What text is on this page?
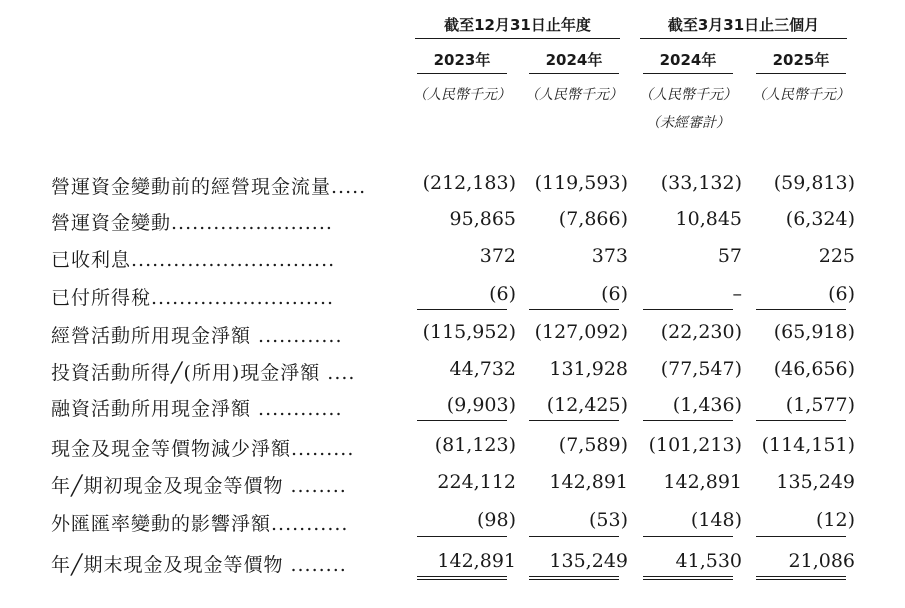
截至12月31日止年度	截至3月31日止三個月
2023年	2024年	2024年	2025年
（人民幣千元）	（人民幣千元）	（人民幣千元）	（人民幣千元）
（未經審計）
營運資金變動前的經營現金流量.....	(212,183) (119,593)	(33,132)	(59,813)
營運資金變動.......................	95,865	(7,866)	10,845	(6,324)
已收利息.............................	372	373	57	225
已付所得稅..........................	(6)	(6)	–	(6)
經營活動所用現金淨額 ............	(115,952) (127,092)	(22,230)	(65,918)
投資活動所得╱(所用)現金淨額 ....	44,732	131,928	(77,547)	(46,656)
融資活動所用現金淨額 ............	(9,903)	(12,425)	(1,436)	(1,577)
現金及現金等價物減少淨額.........	(81,123)	(7,589)	(101,213)	(114,151)
年╱期初現金及現金等價物 ........	224,112	142,891	142,891	135,249
外匯匯率變動的影響淨額...........	(98)	(53)	(148)	(12)
年╱期末現金及現金等價物 ........	142,891	135,249	41,530	21,086
